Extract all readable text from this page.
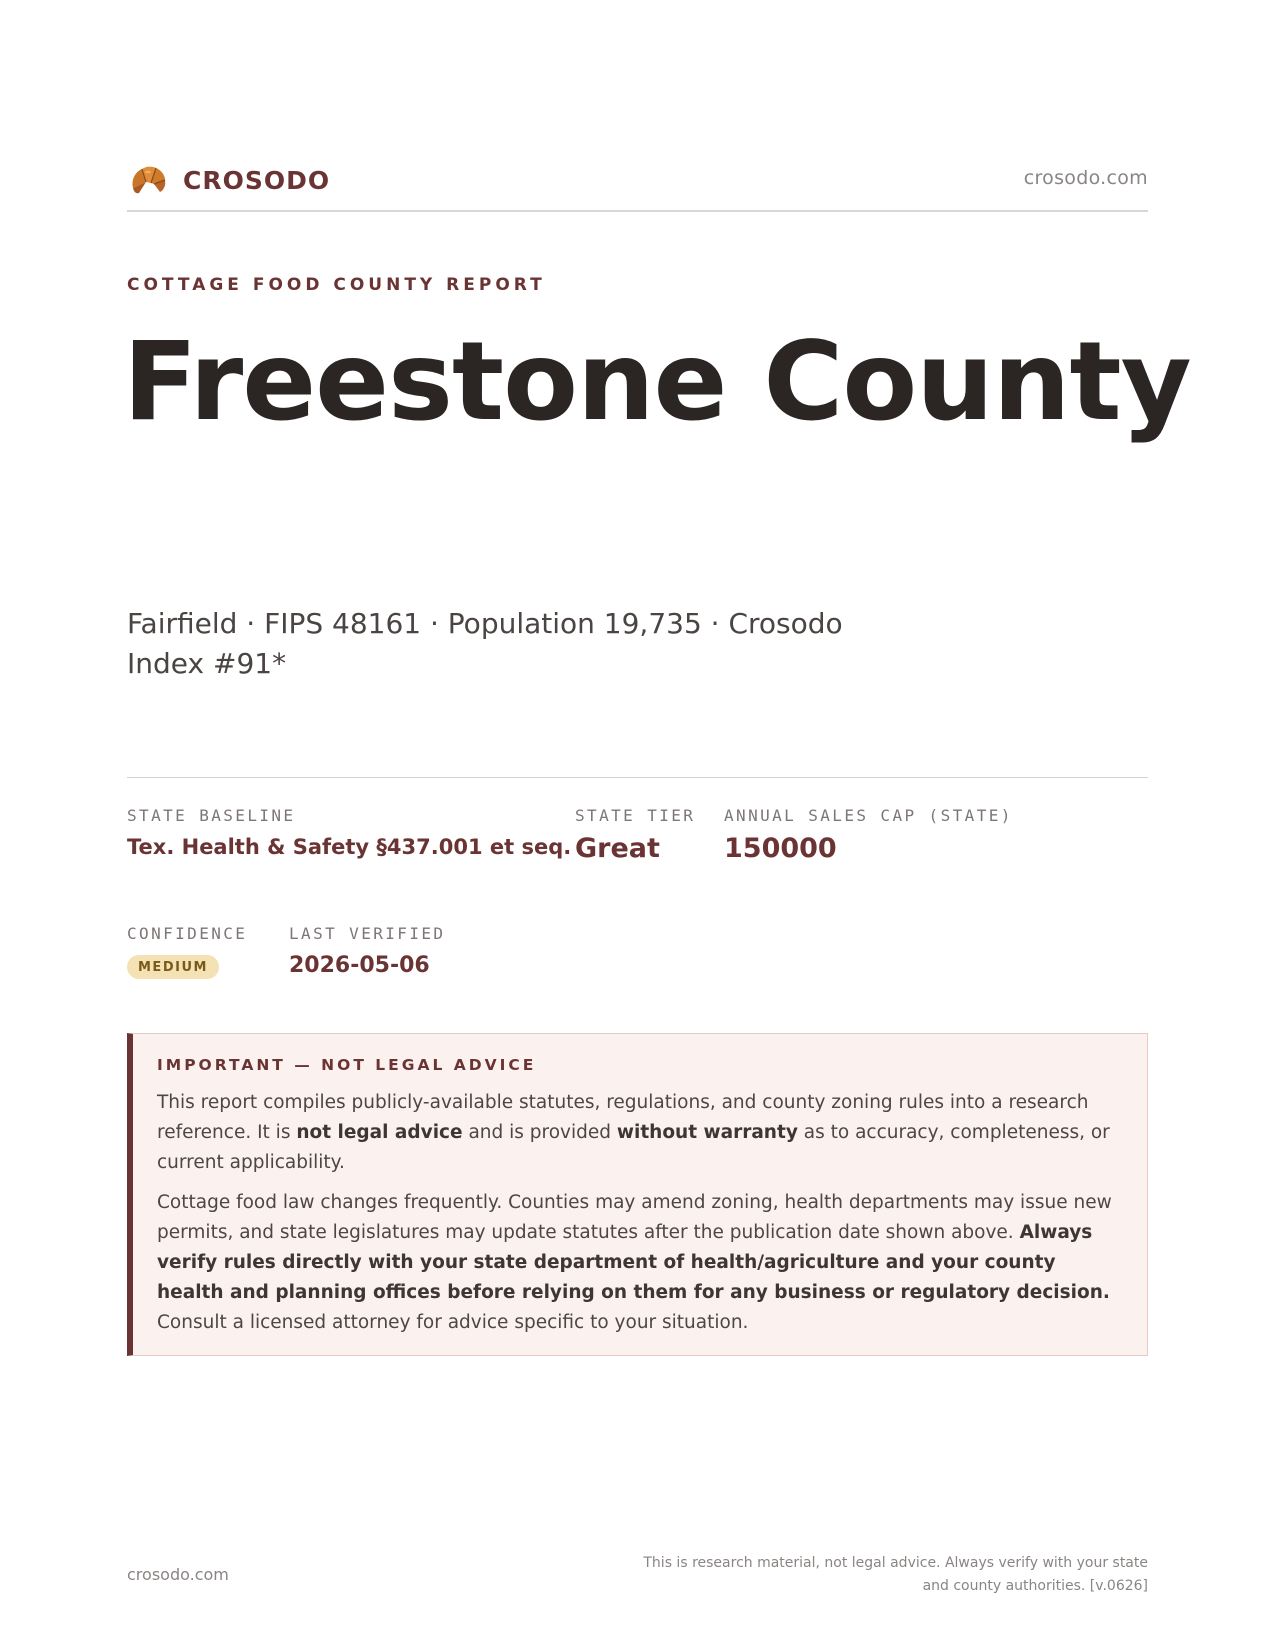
CROSODO	crosodo.com
COTTAGE FOOD COUNTY REPORT
Freestone County
Fairfield · FIPS 48161 · Population 19,735 · Crosodo Index #91*
STATE BASELINE
Tex. Health & Safety §437.001 et seq.
STATE TIER
Great
ANNUAL SALES CAP (STATE)
150000
CONFIDENCE
MEDIUM
LAST VERIFIED
2026-05-06
IMPORTANT — NOT LEGAL ADVICE

This report compiles publicly-available statutes, regulations, and county zoning rules into a research reference. It is not legal advice and is provided without warranty as to accuracy, completeness, or current applicability.

Cottage food law changes frequently. Counties may amend zoning, health departments may issue new permits, and state legislatures may update statutes after the publication date shown above. Always verify rules directly with your state department of health/agriculture and your county health and planning offices before relying on them for any business or regulatory decision. Consult a licensed attorney for advice specific to your situation.

crosodo.com
This is research material, not legal advice. Always verify with your state and county authorities. [v.0626]
